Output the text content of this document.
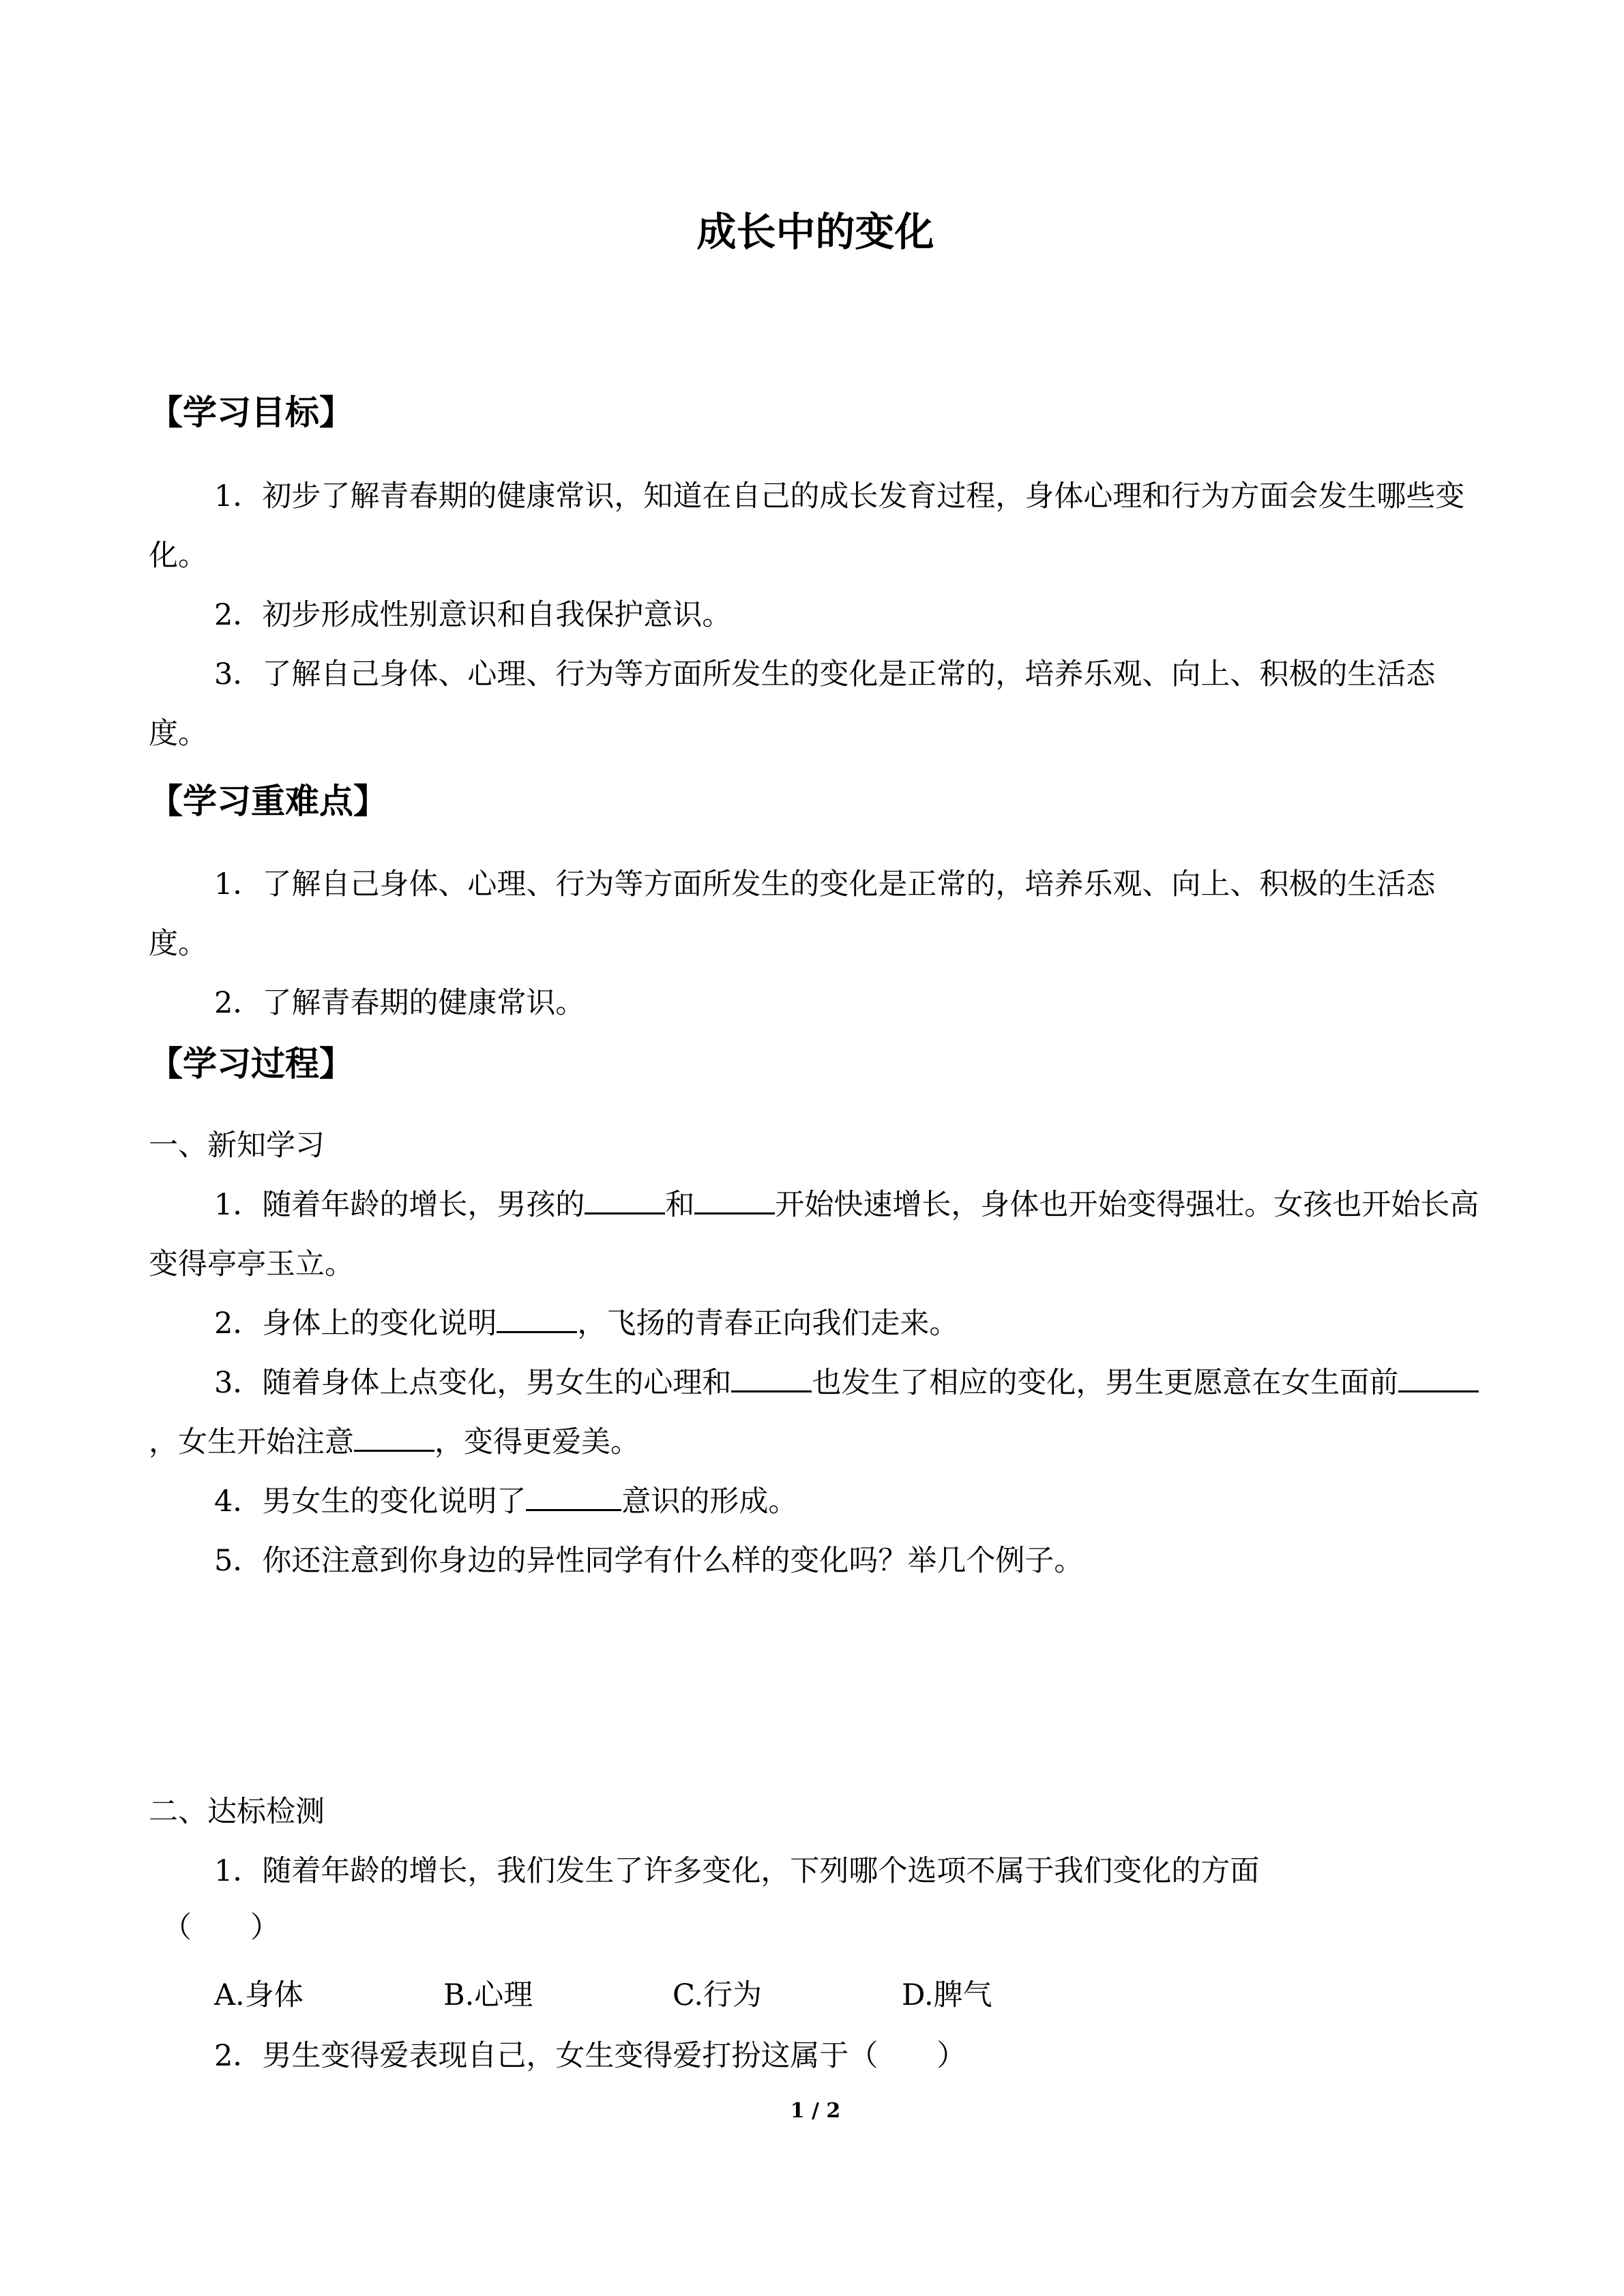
成长中的变化
【学习目标】

1．初步了解青春期的健康常识，知道在自己的成长发育过程，身体心理和行为方面会发生哪些变化。

2．初步形成性别意识和自我保护意识。

3．了解自己身体、心理、行为等方面所发生的变化是正常的，培养乐观、向上、积极的生活态度。

【学习重难点】

1．了解自己身体、心理、行为等方面所发生的变化是正常的，培养乐观、向上、积极的生活态度。

2．了解青春期的健康常识。

【学习过程】
一、新知学习

1．随着年龄的增长，男孩的	和	开始快速增长，身体也开始变得强壮。女孩也开始长高变得亭亭玉立。

2．身体上的变化说明	，飞扬的青春正向我们走来。

3．随着身体上点变化，男女生的心理和	也发生了相应的变化，男生更愿意在女生面前，女生开始注意	，变得更爱美。

4．男女生的变化说明了	意识的形成。

5．你还注意到你身边的异性同学有什么样的变化吗？举几个例子。

二、达标检测

1．随着年龄的增长，我们发生了许多变化，下列哪个选项不属于我们变化的方面

（　　）
A.身体	B.心理	C.行为	D.脾气

2．男生变得爱表现自己，女生变得爱打扮这属于（　　）

1 / 2
